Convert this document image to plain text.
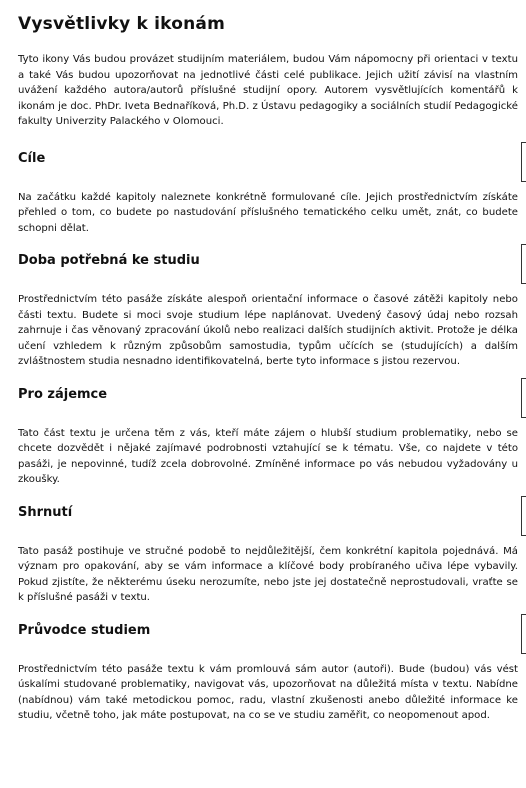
Vysvětlivky k ikonám

Tyto ikony Vás budou provázet studijním materiálem, budou Vám nápomocny při orientaci v textu a také Vás budou upozorňovat na jednotlivé části celé publikace. Jejich užití závisí na vlastním uvážení každého autora/autorů příslušné studijní opory. Autorem vysvětlujících komentářů k ikonám je doc. PhDr. Iveta Bednaříková, Ph.D. z Ústavu pedagogiky a sociálních studií Pedagogické fakulty Univerzity Palackého v Olomouci.

Cíle

Na začátku každé kapitoly naleznete konkrétně formulované cíle. Jejich prostřednictvím získáte přehled o tom, co budete po nastudování příslušného tematického celku umět, znát, co budete schopni dělat.

Doba potřebná ke studiu

Prostřednictvím této pasáže získáte alespoň orientační informace o časové zátěži kapitoly nebo části textu. Budete si moci svoje studium lépe naplánovat. Uvedený časový údaj nebo rozsah zahrnuje i čas věnovaný zpracování úkolů nebo realizaci dalších studijních aktivit. Protože je délka učení vzhledem k různým způsobům samostudia, typům učících se (studujících) a dalším zvláštnostem studia nesnadno identifikovatelná, berte tyto informace s jistou rezervou.

Pro zájemce

Tato část textu je určena těm z vás, kteří máte zájem o hlubší studium problematiky, nebo se chcete dozvědět i nějaké zajímavé podrobnosti vztahující se k tématu. Vše, co najdete v této pasáži, je nepovinné, tudíž zcela dobrovolné. Zmíněné informace po vás nebudou vyžadovány u zkoušky.

Shrnutí

Tato pasáž postihuje ve stručné podobě to nejdůležitější, čem konkrétní kapitola pojednává. Má význam pro opakování, aby se vám informace a klíčové body probíraného učiva lépe vybavily. Pokud zjistíte, že některému úseku nerozumíte, nebo jste jej dostatečně neprostudovali, vraťte se k příslušné pasáži v textu.

Průvodce studiem

Prostřednictvím této pasáže textu k vám promlouvá sám autor (autoři). Bude (budou) vás vést úskalími studované problematiky, navigovat vás, upozorňovat na důležitá místa v textu. Nabídne (nabídnou) vám také metodickou pomoc, radu, vlastní zkušenosti anebo důležité informace ke studiu, včetně toho, jak máte postupovat, na co se ve studiu zaměřit, co neopomenout apod.
